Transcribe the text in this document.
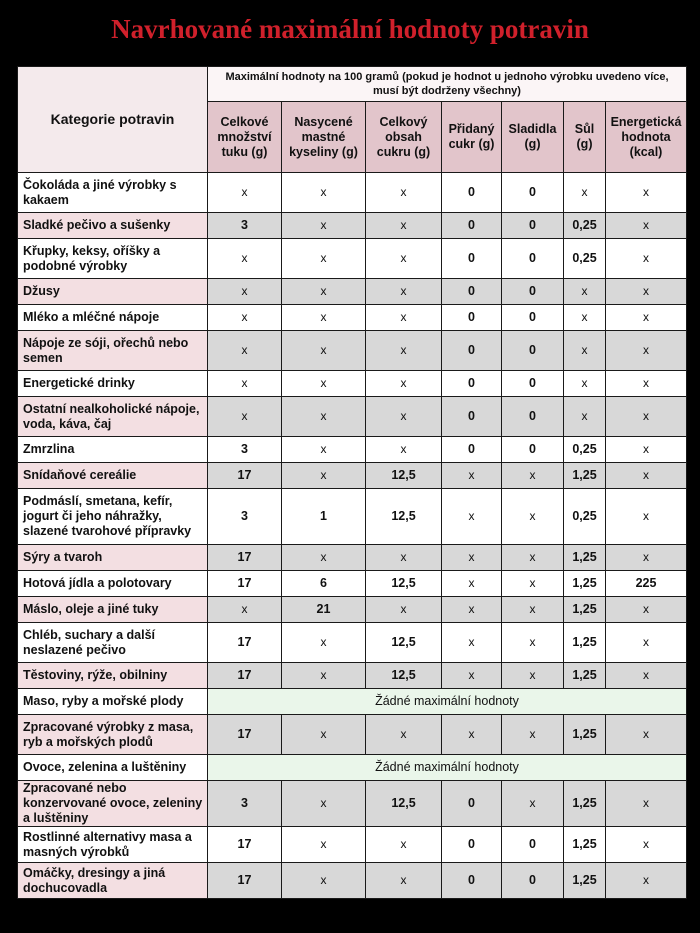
Navrhované maximální hodnoty potravin
Kategorie potravin	Maximální hodnoty na 100 gramů (pokud je hodnot u jednoho výrobku uvedeno více, musí být dodrženy všechny)						
	Celkové množství tuku (g)	Nasycené mastné kyseliny (g)	Celkový obsah cukru (g)	Přidaný cukr (g)	Sladidla (g)	Sůl (g)	Energetická hodnota (kcal)
Čokoláda a jiné výrobky s kakaem	x	x	x	0	0	x	x
Sladké pečivo a sušenky	3	x	x	0	0	0,25	x
Křupky, keksy, oříšky a podobné výrobky	x	x	x	0	0	0,25	x
Džusy	x	x	x	0	0	x	x
Mléko a mléčné nápoje	x	x	x	0	0	x	x
Nápoje ze sóji, ořechů nebo semen	x	x	x	0	0	x	x
Energetické drinky	x	x	x	0	0	x	x
Ostatní nealkoholické nápoje, voda, káva, čaj	x	x	x	0	0	x	x
Zmrzlina	3	x	x	0	0	0,25	x
Snídaňové cereálie	17	x	12,5	x	x	1,25	x
Podmáslí, smetana, kefír, jogurt či jeho náhražky, slazené tvarohové přípravky	3	1	12,5	x	x	0,25	x
Sýry a tvaroh	17	x	x	x	x	1,25	x
Hotová jídla a polotovary	17	6	12,5	x	x	1,25	225
Máslo, oleje a jiné tuky	x	21	x	x	x	1,25	x
Chléb, suchary a další neslazené pečivo	17	x	12,5	x	x	1,25	x
Těstoviny, rýže, obilniny	17	x	12,5	x	x	1,25	x
Maso, ryby a mořské plody	Žádné maximální hodnoty						
Zpracované výrobky z masa, ryb a mořských plodů	17	x	x	x	x	1,25	x
Ovoce, zelenina a luštěniny	Žádné maximální hodnoty						
Zpracované nebo konzervované ovoce, zeleniny a luštěniny	3	x	12,5	0	x	1,25	x
Rostlinné alternativy masa a masných výrobků	17	x	x	0	0	1,25	x
Omáčky, dresingy a jiná dochucovadla	17	x	x	0	0	1,25	x
